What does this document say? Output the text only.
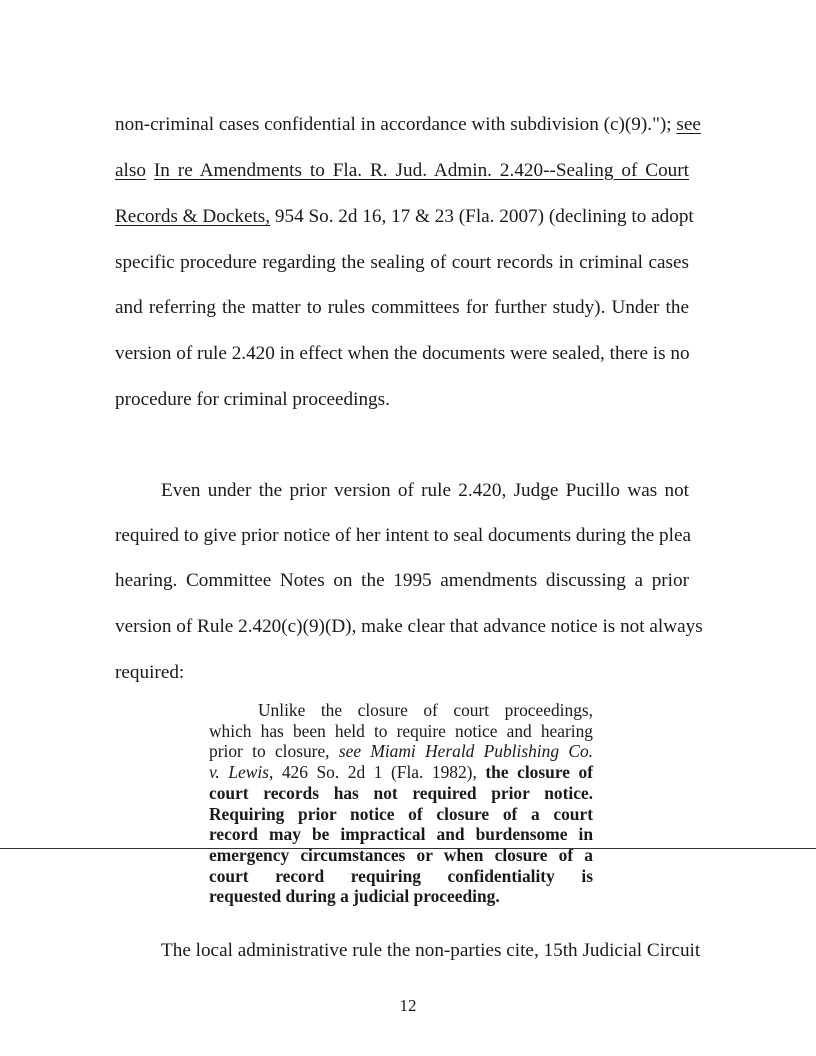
non-criminal cases confidential in accordance with subdivision (c)(9)."); see
also In re Amendments to Fla. R. Jud. Admin. 2.420--Sealing of Court
Records & Dockets, 954 So. 2d 16, 17 & 23 (Fla. 2007) (declining to adopt
specific procedure regarding the sealing of court records in criminal cases
and referring the matter to rules committees for further study). Under the
version of rule 2.420 in effect when the documents were sealed, there is no
procedure for criminal proceedings.
Even under the prior version of rule 2.420, Judge Pucillo was not
required to give prior notice of her intent to seal documents during the plea
hearing. Committee Notes on the 1995 amendments discussing a prior
version of Rule 2.420(c)(9)(D), make clear that advance notice is not always
required:
Unlike the closure of court proceedings,
which has been held to require notice and hearing
prior to closure, see Miami Herald Publishing Co.
v. Lewis, 426 So. 2d 1 (Fla. 1982), the closure of
court records has not required prior notice.
Requiring prior notice of closure of a court
record may be impractical and burdensome in
emergency circumstances or when closure of a
court record requiring confidentiality is
requested during a judicial proceeding.
The local administrative rule the non-parties cite, 15th Judicial Circuit
12
